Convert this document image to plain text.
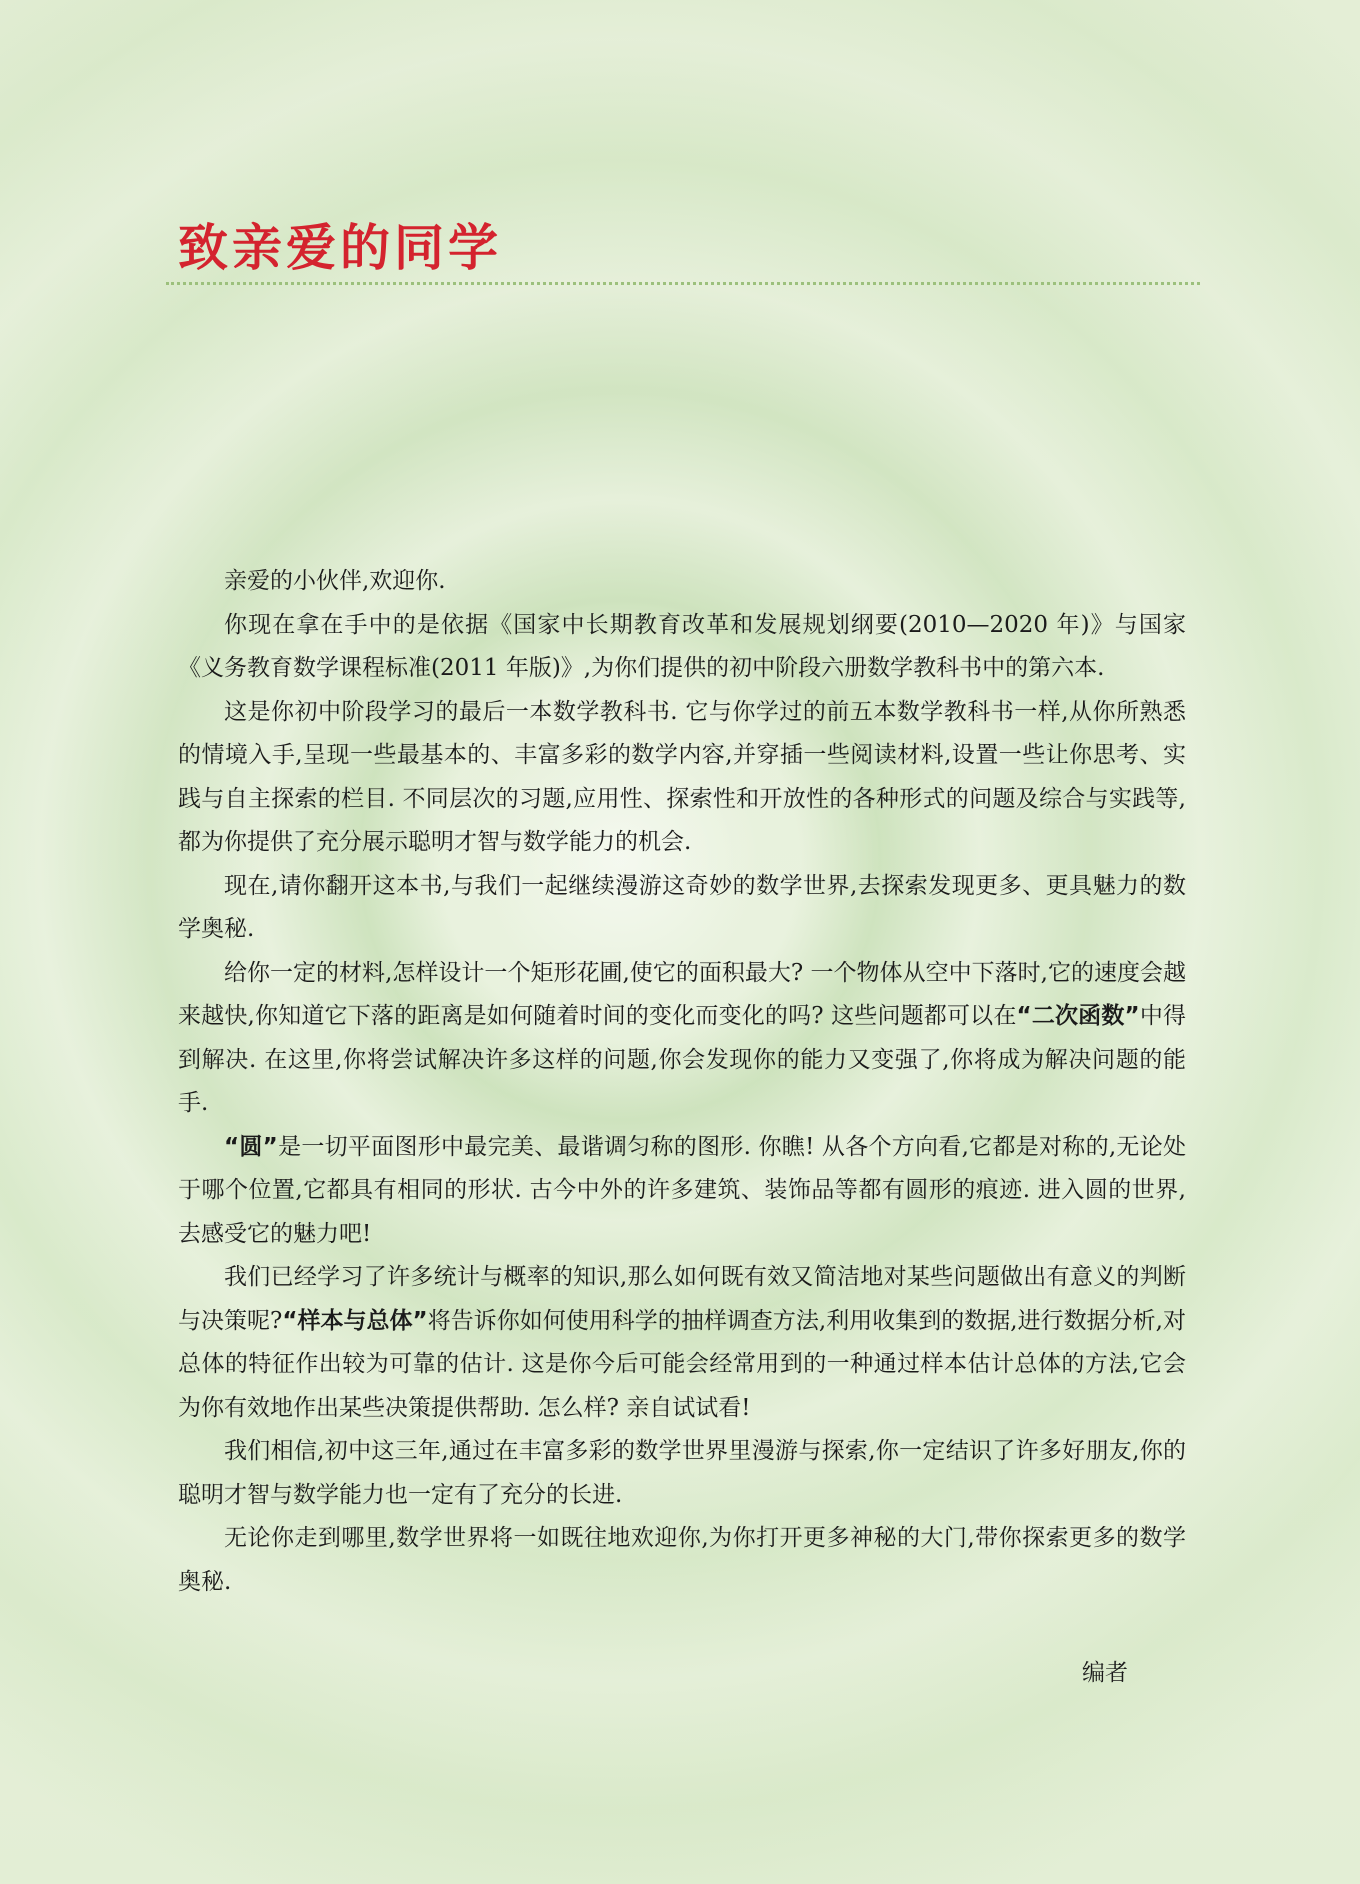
致亲爱的同学

亲爱的小伙伴,欢迎你.

你现在拿在手中的是依据《国家中长期教育改革和发展规划纲要(2010—2020 年)》与国家《义务教育数学课程标准(2011 年版)》,为你们提供的初中阶段六册数学教科书中的第六本.

这是你初中阶段学习的最后一本数学教科书. 它与你学过的前五本数学教科书一样,从你所熟悉的情境入手,呈现一些最基本的、丰富多彩的数学内容,并穿插一些阅读材料,设置一些让你思考、实践与自主探索的栏目. 不同层次的习题,应用性、探索性和开放性的各种形式的问题及综合与实践等,都为你提供了充分展示聪明才智与数学能力的机会.

现在,请你翻开这本书,与我们一起继续漫游这奇妙的数学世界,去探索发现更多、更具魅力的数学奥秘.

给你一定的材料,怎样设计一个矩形花圃,使它的面积最大? 一个物体从空中下落时,它的速度会越来越快,你知道它下落的距离是如何随着时间的变化而变化的吗? 这些问题都可以在“二次函数”中得到解决. 在这里,你将尝试解决许多这样的问题,你会发现你的能力又变强了,你将成为解决问题的能手.

“圆”是一切平面图形中最完美、最谐调匀称的图形. 你瞧! 从各个方向看,它都是对称的,无论处于哪个位置,它都具有相同的形状. 古今中外的许多建筑、装饰品等都有圆形的痕迹. 进入圆的世界,去感受它的魅力吧!

我们已经学习了许多统计与概率的知识,那么如何既有效又简洁地对某些问题做出有意义的判断与决策呢?“样本与总体”将告诉你如何使用科学的抽样调查方法,利用收集到的数据,进行数据分析,对总体的特征作出较为可靠的估计. 这是你今后可能会经常用到的一种通过样本估计总体的方法,它会为你有效地作出某些决策提供帮助. 怎么样? 亲自试试看!

我们相信,初中这三年,通过在丰富多彩的数学世界里漫游与探索,你一定结识了许多好朋友,你的聪明才智与数学能力也一定有了充分的长进.

无论你走到哪里,数学世界将一如既往地欢迎你,为你打开更多神秘的大门,带你探索更多的数学奥秘.

编者
